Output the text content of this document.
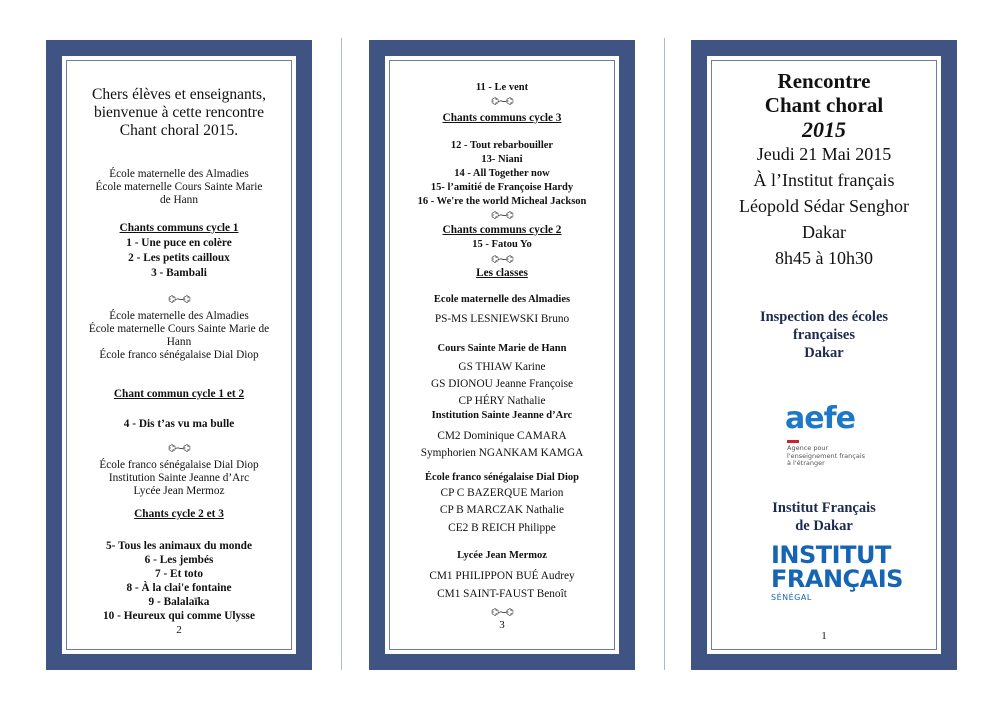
Chers élèves et enseignants,
bienvenue à cette rencontre
Chant choral 2015.
École maternelle des Almadies
École maternelle Cours Sainte Marie
de Hann
Chants communs cycle 1
1 - Une puce en colère
2 - Les petits cailloux
3 - Bambali
⌬⁓⌬
École maternelle des Almadies
École maternelle Cours Sainte Marie de
Hann
École franco sénégalaise Dial Diop
Chant commun cycle 1 et 2
4 - Dis t’as vu ma bulle
⌬⁓⌬
École franco sénégalaise Dial Diop
Institution Sainte Jeanne d’Arc
Lycée Jean Mermoz
Chants cycle 2 et 3
5- Tous les animaux du monde
6 - Les jembés
7 - Et toto
8 - À la clai'e fontaine
9 - Balalaïka
10 - Heureux qui comme Ulysse
2
11 - Le vent
⌬⁓⌬
Chants communs cycle 3
12 - Tout rebarbouiller
13- Niani
14 - All Together now
15- l’amitié de Françoise Hardy
16 - We're the world Micheal Jackson
⌬⁓⌬
Chants communs cycle 2
15 - Fatou Yo
⌬⁓⌬
Les classes
Ecole maternelle des Almadies
PS-MS LESNIEWSKI Bruno
Cours Sainte Marie de Hann
GS THIAW Karine
GS DIONOU Jeanne Françoise
CP HÉRY Nathalie
Institution Sainte Jeanne d’Arc
CM2 Dominique CAMARA
Symphorien NGANKAM KAMGA
École franco sénégalaise Dial Diop
CP C BAZERQUE Marion
CP B MARCZAK Nathalie
CE2 B REICH Philippe
Lycée Jean Mermoz
CM1 PHILIPPON BUÉ Audrey
CM1 SAINT-FAUST Benoît
⌬⁓⌬
3
Rencontre
Chant choral
2015
Jeudi 21 Mai 2015
À l’Institut français
Léopold Sédar Senghor
Dakar
8h45 à 10h30
Inspection des écoles
françaises
Dakar
aefe
Agence pour
l'enseignement français
à l'étranger
Institut Français
de Dakar
INSTITUT
FRANÇAIS
SÉNÉGAL
1
